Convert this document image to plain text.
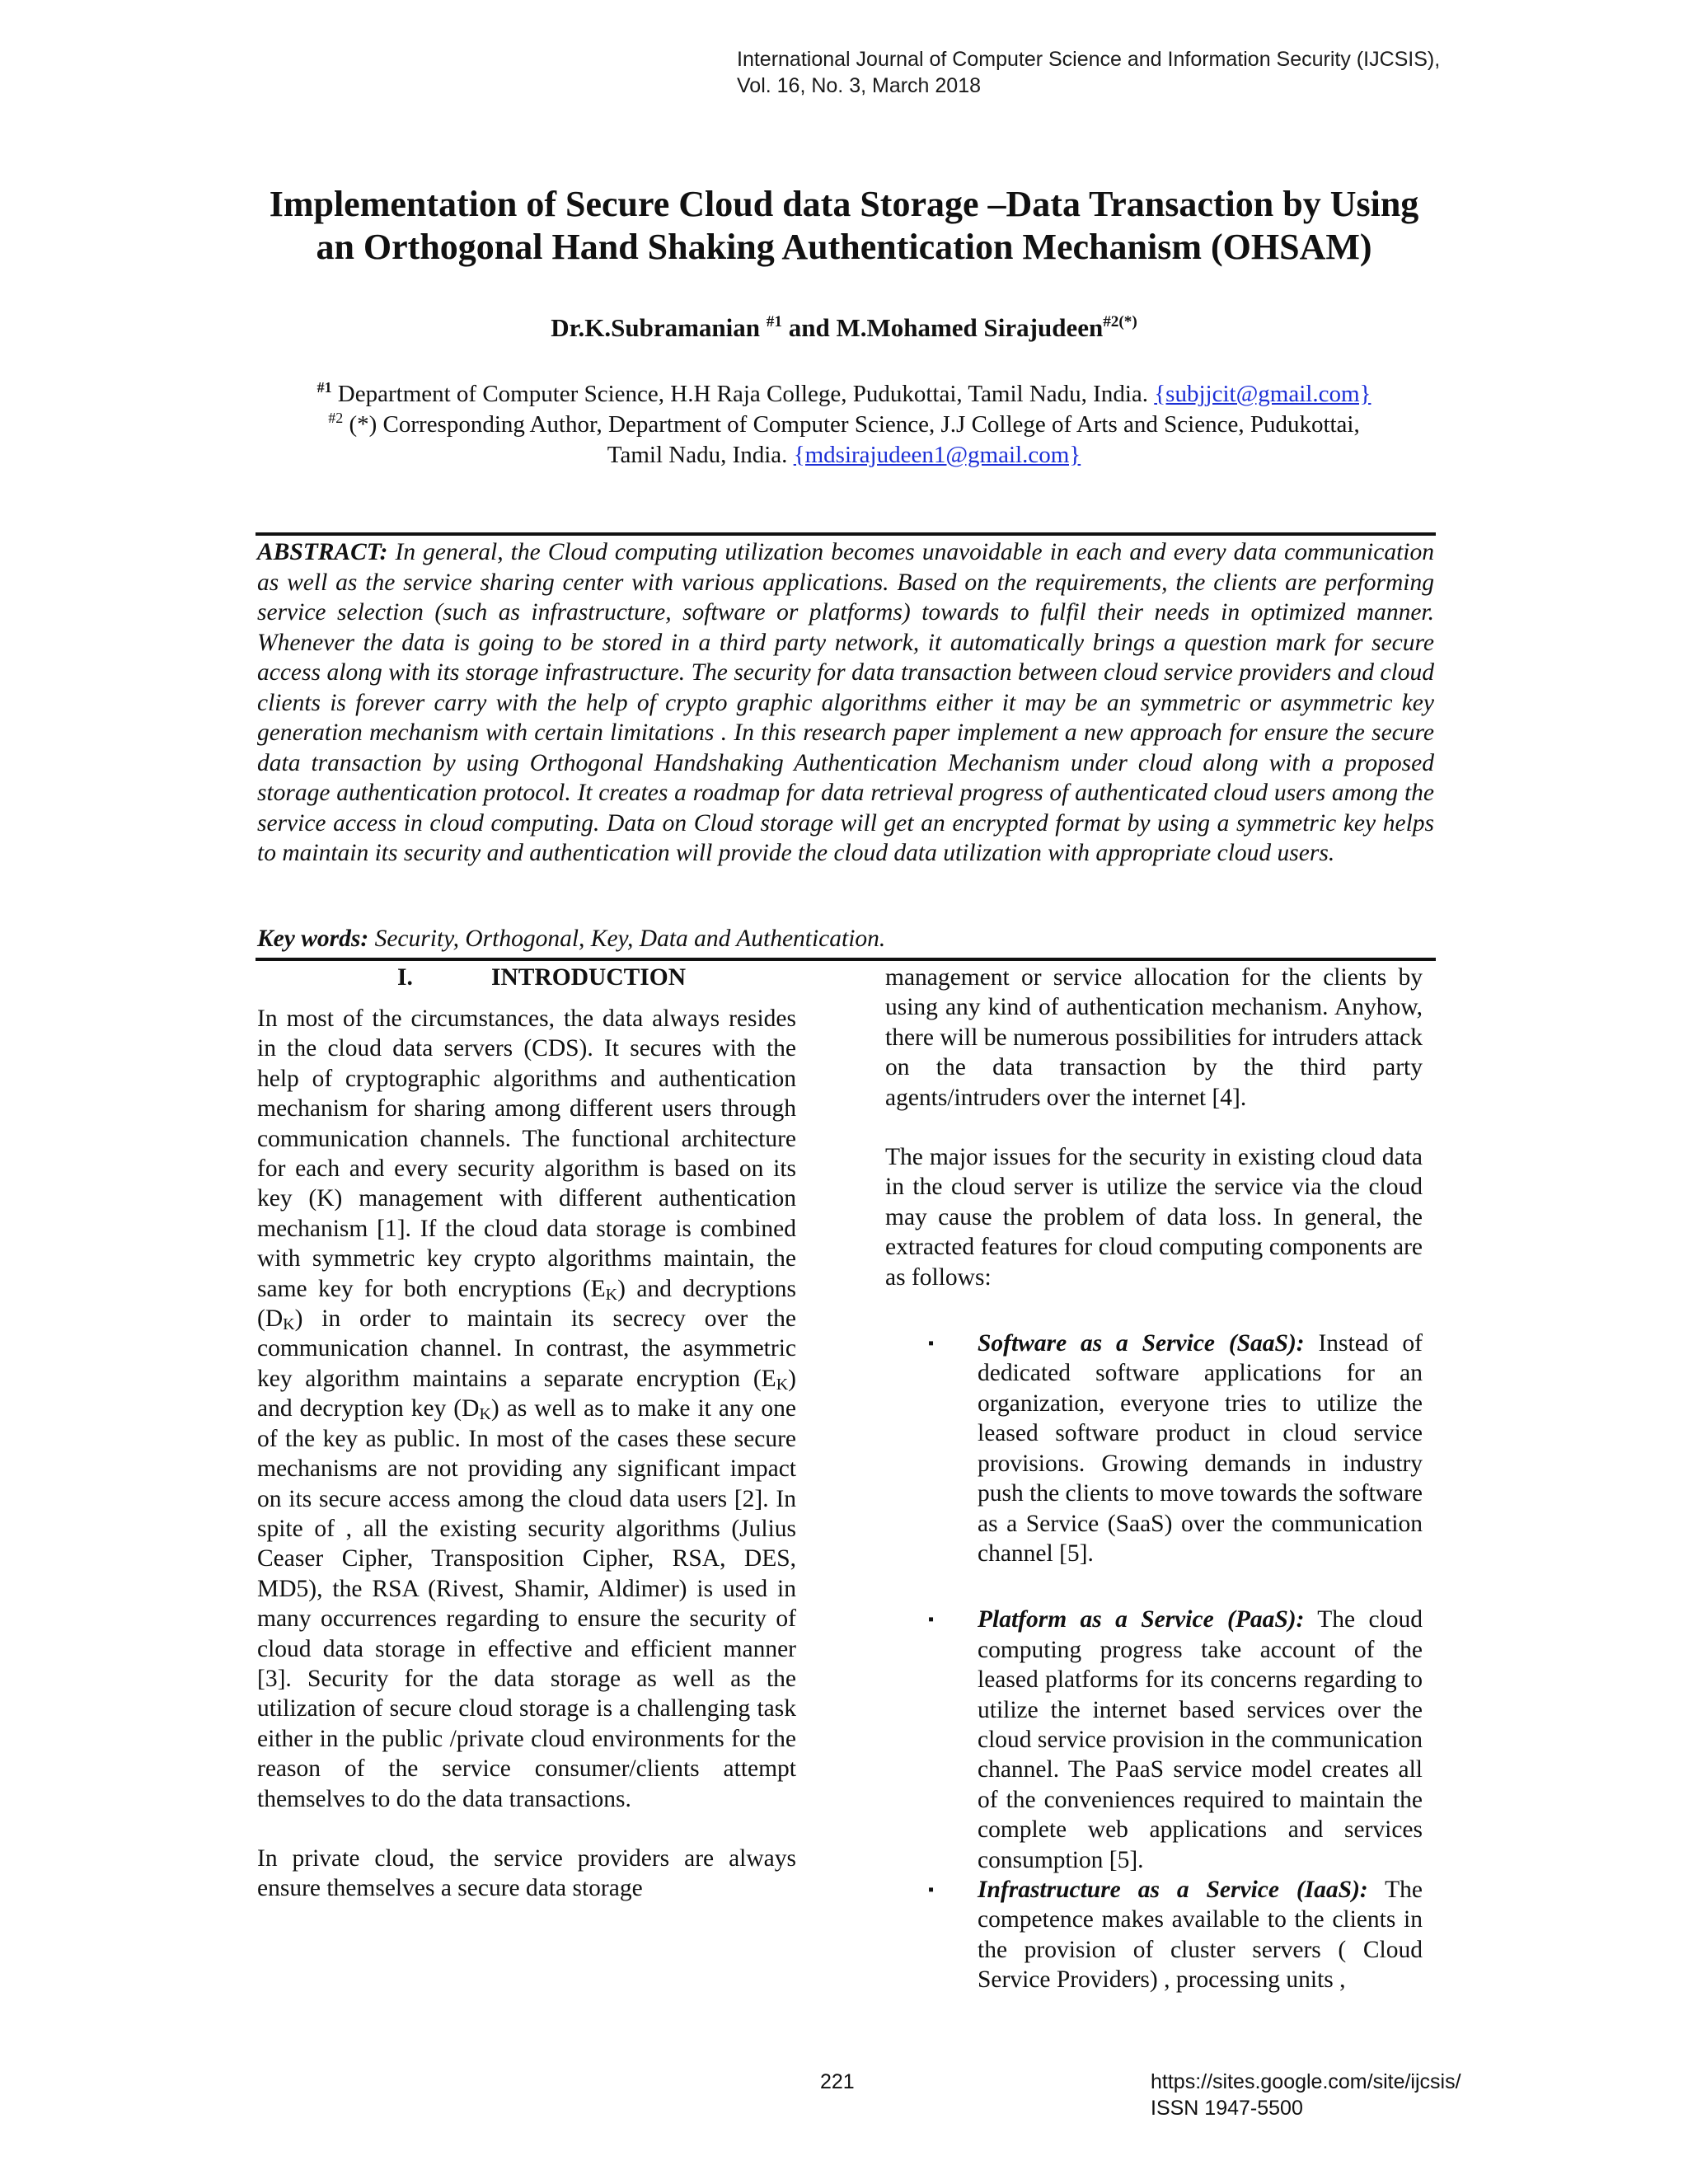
International Journal of Computer Science and Information Security (IJCSIS),
Vol. 16, No. 3, March 2018
Implementation of Secure Cloud data Storage –Data Transaction by Using
an Orthogonal Hand Shaking Authentication Mechanism (OHSAM)
Dr.K.Subramanian $^{\#1}$ and M.Mohamed Sirajudeen$^{\#2(*)}$
$^{\#1}$ Department of Computer Science, H.H Raja College, Pudukottai, Tamil Nadu, India. {subjjcit@gmail.com}
$^{\#2}$ (*) Corresponding Author, Department of Computer Science, J.J College of Arts and Science, Pudukottai,
Tamil Nadu, India. {mdsirajudeen1@gmail.com}
ABSTRACT: In general, the Cloud computing utilization becomes unavoidable in each and every data communication as well as the service sharing center with various applications. Based on the requirements, the clients are performing service selection (such as infrastructure, software or platforms) towards to fulfil their needs in optimized manner. Whenever the data is going to be stored in a third party network, it automatically brings a question mark for secure access along with its storage infrastructure. The security for data transaction between cloud service providers and cloud clients is forever carry with the help of crypto graphic algorithms either it may be an symmetric or asymmetric key generation mechanism with certain limitations . In this research paper implement a new approach for ensure the secure data transaction by using Orthogonal Handshaking Authentication Mechanism under cloud along with a proposed storage authentication protocol. It creates a roadmap for data retrieval progress of authenticated cloud users among the service access in cloud computing. Data on Cloud storage will get an encrypted format by using a symmetric key helps to maintain its security and authentication will provide the cloud data utilization with appropriate cloud users.
Key words: Security, Orthogonal, Key, Data and Authentication.
I.	INTRODUCTION

In most of the circumstances, the data always resides in the cloud data servers (CDS). It secures with the help of cryptographic algorithms and authentication mechanism for sharing among different users through communication channels. The functional architecture for each and every security algorithm is based on its key (K) management with different authentication mechanism [1]. If the cloud data storage is combined with symmetric key crypto algorithms maintain, the same key for both encryptions $(E_K)$ and decryptions $(D_K)$ in order to maintain its secrecy over the communication channel. In contrast, the asymmetric key algorithm maintains a separate encryption $(E_K)$ and decryption key $(D_K)$ as well as to make it any one of the key as public. In most of the cases these secure mechanisms are not providing any significant impact on its secure access among the cloud data users [2]. In spite of , all the existing security algorithms (Julius Ceaser Cipher, Transposition Cipher, RSA, DES, MD5), the RSA (Rivest, Shamir, Aldimer) is used in many occurrences regarding to ensure the security of cloud data storage in effective and efficient manner [3]. Security for the data storage as well as the utilization of secure cloud storage is a challenging task either in the public /private cloud environments for the reason of the service consumer/clients attempt themselves to do the data transactions.

In private cloud, the service providers are always ensure themselves a secure data storage

management or service allocation for the clients by using any kind of authentication mechanism. Anyhow, there will be numerous possibilities for intruders attack on the data transaction by the third party agents/intruders over the internet [4].

The major issues for the security in existing cloud data in the cloud server is utilize the service via the cloud may cause the problem of data loss. In general, the extracted features for cloud computing components are as follows:

▪ Software as a Service (SaaS): Instead of dedicated software applications for an organization, everyone tries to utilize the leased software product in cloud service provisions. Growing demands in industry push the clients to move towards the software as a Service (SaaS) over the communication channel [5].
▪ Platform as a Service (PaaS): The cloud computing progress take account of the leased platforms for its concerns regarding to utilize the internet based services over the cloud service provision in the communication channel. The PaaS service model creates all of the conveniences required to maintain the complete web applications and services consumption [5].
▪ Infrastructure as a Service (IaaS): The competence makes available to the clients in the provision of cluster servers ( Cloud Service Providers) , processing units ,
221	https://sites.google.com/site/ijcsis/
ISSN 1947-5500
